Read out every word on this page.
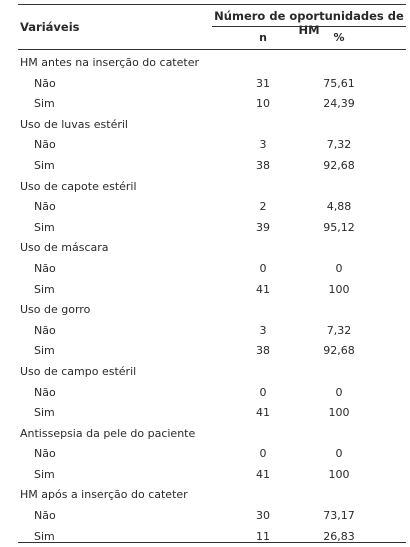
Variáveis
Número de oportunidades de HM
n	%
HM antes na inserção do cateter
Não	31	75,61
Sim	10	24,39
Uso de luvas estéril
Não	3	7,32
Sim	38	92,68
Uso de capote estéril
Não	2	4,88
Sim	39	95,12
Uso de máscara
Não	0	0
Sim	41	100
Uso de gorro
Não	3	7,32
Sim	38	92,68
Uso de campo estéril
Não	0	0
Sim	41	100
Antissepsia da pele do paciente
Não	0	0
Sim	41	100
HM após a inserção do cateter
Não	30	73,17
Sim	11	26,83
